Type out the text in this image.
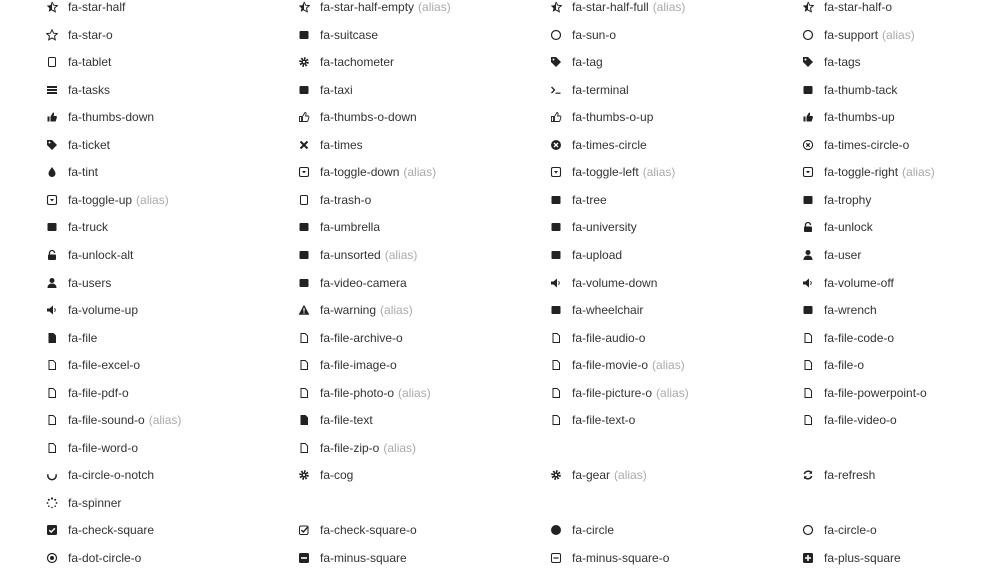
fa-star-half	fa-star-half-empty (alias)	fa-star-half-full (alias)	fa-star-half-o
fa-star-o	fa-suitcase	fa-sun-o	fa-support (alias)
fa-tablet	fa-tachometer	fa-tag	fa-tags
fa-tasks	fa-taxi	fa-terminal	fa-thumb-tack
fa-thumbs-down	fa-thumbs-o-down	fa-thumbs-o-up	fa-thumbs-up
fa-ticket	fa-times	fa-times-circle	fa-times-circle-o
fa-tint	fa-toggle-down (alias)	fa-toggle-left (alias)	fa-toggle-right (alias)
fa-toggle-up (alias)	fa-trash-o	fa-tree	fa-trophy
fa-truck	fa-umbrella	fa-university	fa-unlock
fa-unlock-alt	fa-unsorted (alias)	fa-upload	fa-user
fa-users	fa-video-camera	fa-volume-down	fa-volume-off
fa-volume-up	fa-warning (alias)	fa-wheelchair	fa-wrench
fa-file	fa-file-archive-o	fa-file-audio-o	fa-file-code-o
fa-file-excel-o	fa-file-image-o	fa-file-movie-o (alias)	fa-file-o
fa-file-pdf-o	fa-file-photo-o (alias)	fa-file-picture-o (alias)	fa-file-powerpoint-o
fa-file-sound-o (alias)	fa-file-text	fa-file-text-o	fa-file-video-o
fa-file-word-o	fa-file-zip-o (alias)
fa-circle-o-notch	fa-cog	fa-gear (alias)	fa-refresh
fa-spinner
fa-check-square	fa-check-square-o	fa-circle	fa-circle-o
fa-dot-circle-o	fa-minus-square	fa-minus-square-o	fa-plus-square
